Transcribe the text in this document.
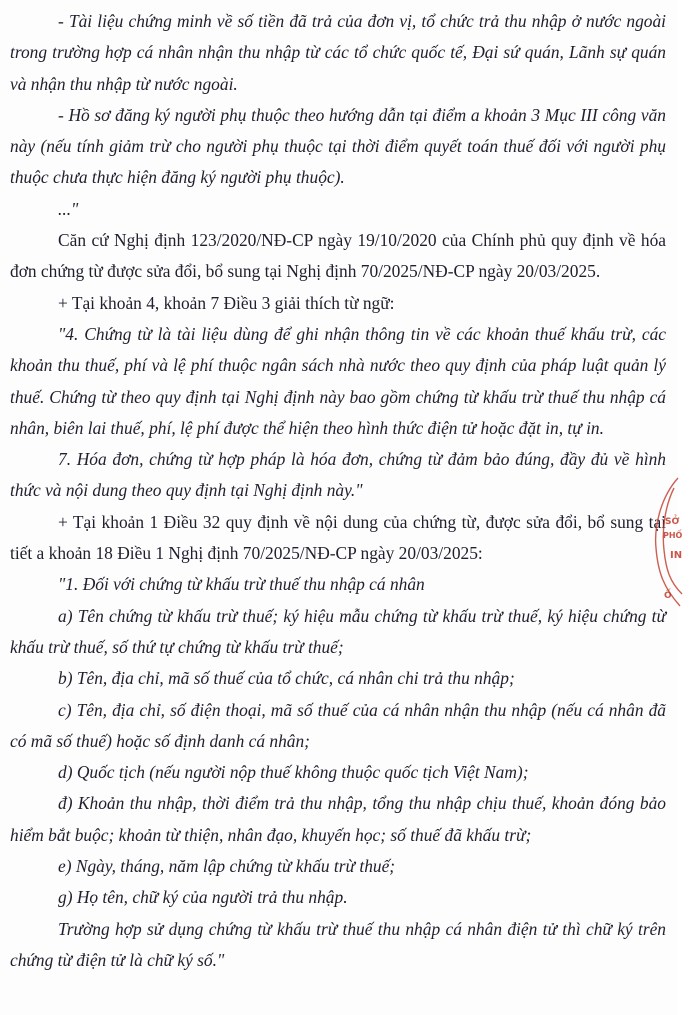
- Tài liệu chứng minh về số tiền đã trả của đơn vị, tổ chức trả thu nhập ở nước ngoài trong trường hợp cá nhân nhận thu nhập từ các tổ chức quốc tế, Đại sứ quán, Lãnh sự quán và nhận thu nhập từ nước ngoài.

- Hồ sơ đăng ký người phụ thuộc theo hướng dẫn tại điểm a khoản 3 Mục III công văn này (nếu tính giảm trừ cho người phụ thuộc tại thời điểm quyết toán thuế đối với người phụ thuộc chưa thực hiện đăng ký người phụ thuộc).

..."

Căn cứ Nghị định 123/2020/NĐ-CP ngày 19/10/2020 của Chính phủ quy định về hóa đơn chứng từ được sửa đổi, bổ sung tại Nghị định 70/2025/NĐ-CP ngày 20/03/2025.

+ Tại khoản 4, khoản 7 Điều 3 giải thích từ ngữ:

"4. Chứng từ là tài liệu dùng để ghi nhận thông tin về các khoản thuế khấu trừ, các khoản thu thuế, phí và lệ phí thuộc ngân sách nhà nước theo quy định của pháp luật quản lý thuế. Chứng từ theo quy định tại Nghị định này bao gồm chứng từ khấu trừ thuế thu nhập cá nhân, biên lai thuế, phí, lệ phí được thể hiện theo hình thức điện tử hoặc đặt in, tự in.

7. Hóa đơn, chứng từ hợp pháp là hóa đơn, chứng từ đảm bảo đúng, đầy đủ về hình thức và nội dung theo quy định tại Nghị định này."

+ Tại khoản 1 Điều 32 quy định về nội dung của chứng từ, được sửa đổi, bổ sung tại tiết a khoản 18 Điều 1 Nghị định 70/2025/NĐ-CP ngày 20/03/2025:

"1. Đối với chứng từ khấu trừ thuế thu nhập cá nhân

a) Tên chứng từ khấu trừ thuế; ký hiệu mẫu chứng từ khấu trừ thuế, ký hiệu chứng từ khấu trừ thuế, số thứ tự chứng từ khấu trừ thuế;

b) Tên, địa chỉ, mã số thuế của tổ chức, cá nhân chi trả thu nhập;

c) Tên, địa chỉ, số điện thoại, mã số thuế của cá nhân nhận thu nhập (nếu cá nhân đã có mã số thuế) hoặc số định danh cá nhân;

d) Quốc tịch (nếu người nộp thuế không thuộc quốc tịch Việt Nam);

đ) Khoản thu nhập, thời điểm trả thu nhập, tổng thu nhập chịu thuế, khoản đóng bảo hiểm bắt buộc; khoản từ thiện, nhân đạo, khuyến học; số thuế đã khấu trừ;

e) Ngày, tháng, năm lập chứng từ khấu trừ thuế;

g) Họ tên, chữ ký của người trả thu nhập.

Trường hợp sử dụng chứng từ khấu trừ thuế thu nhập cá nhân điện tử thì chữ ký trên chứng từ điện tử là chữ ký số."

SỞ
PHỐ
IN
Ố
